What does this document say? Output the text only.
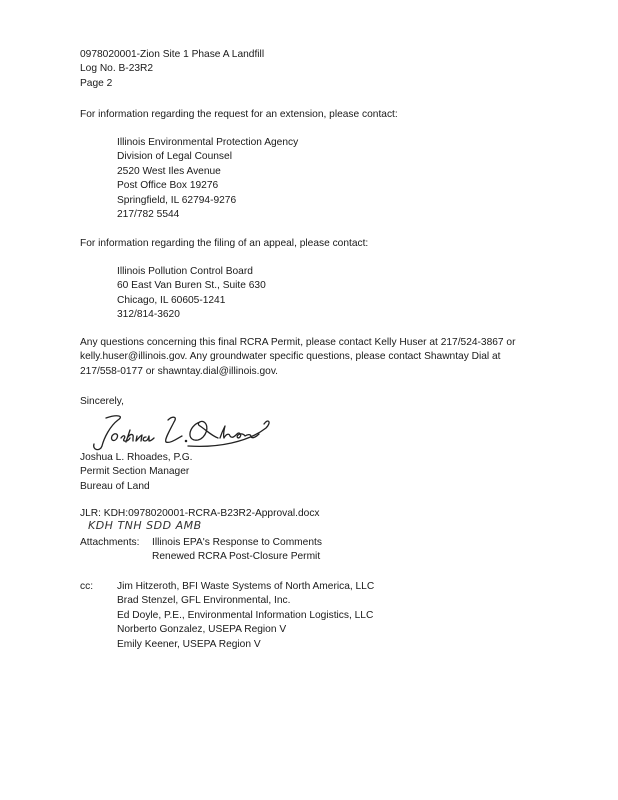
0978020001-Zion Site 1 Phase A Landfill
Log No. B-23R2
Page 2
For information regarding the request for an extension, please contact:
Illinois Environmental Protection Agency
Division of Legal Counsel
2520 West Iles Avenue
Post Office Box 19276
Springfield, IL 62794-9276
217/782 5544
For information regarding the filing of an appeal, please contact:
Illinois Pollution Control Board
60 East Van Buren St., Suite 630
Chicago, IL 60605-1241
312/814-3620
Any questions concerning this final RCRA Permit, please contact Kelly Huser at 217/524-3867 or
kelly.huser@illinois.gov. Any groundwater specific questions, please contact Shawntay Dial at
217/558-0177 or shawntay.dial@illinois.gov.
Sincerely,
Joshua L. Rhoades, P.G.
Permit Section Manager
Bureau of Land
JLR: KDH:0978020001-RCRA-B23R2-Approval.docx
KDH TNH SDD AMB
Attachments: Illinois EPA's Response to Comments
Renewed RCRA Post-Closure Permit
cc: Jim Hitzeroth, BFI Waste Systems of North America, LLC
Brad Stenzel, GFL Environmental, Inc.
Ed Doyle, P.E., Environmental Information Logistics, LLC
Norberto Gonzalez, USEPA Region V
Emily Keener, USEPA Region V
